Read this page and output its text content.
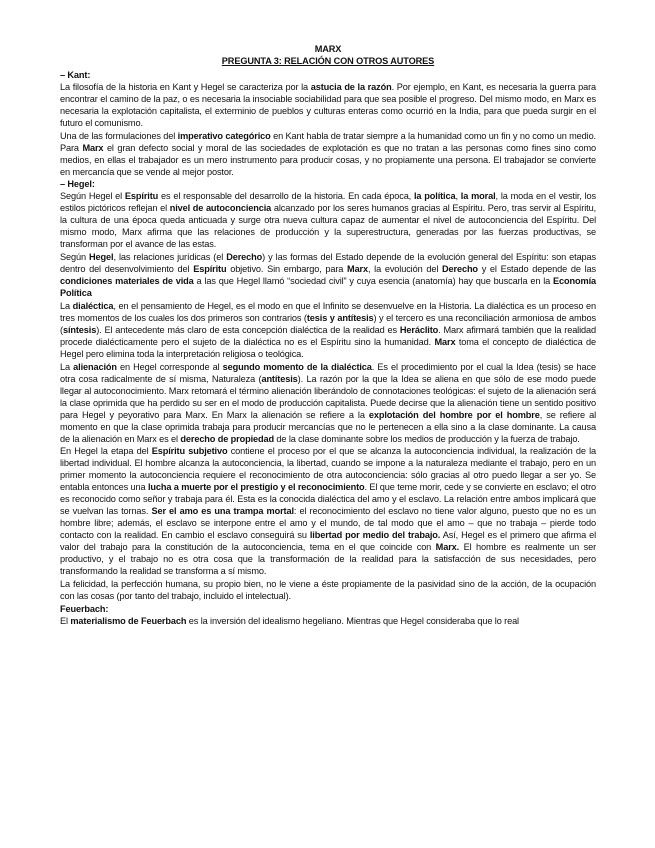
MARX

PREGUNTA 3: RELACIÓN CON OTROS AUTORES

– Kant:

La filosofía de la historia en Kant y Hegel se caracteriza por la astucia de la razón. Por ejemplo, en Kant, es necesaria la guerra para encontrar el camino de la paz, o es necesaria la insociable sociabilidad para que sea posible el progreso. Del mismo modo, en Marx es necesaria la explotación capitalista, el exterminio de pueblos y culturas enteras como ocurrió en la India, para que pueda surgir en el futuro el comunismo.

Una de las formulaciones del imperativo categórico en Kant habla de tratar siempre a la humanidad como un fin y no como un medio. Para Marx el gran defecto social y moral de las sociedades de explotación es que no tratan a las personas como fines sino como medios, en ellas el trabajador es un mero instrumento para producir cosas, y no propiamente una persona. El trabajador se convierte en mercancía que se vende al mejor postor.

– Hegel:

Según Hegel el Espíritu es el responsable del desarrollo de la historia. En cada época, la política, la moral, la moda en el vestir, los estilos pictóricos reflejan el nivel de autoconciencia alcanzado por los seres humanos gracias al Espíritu. Pero, tras servir al Espíritu, la cultura de una época queda anticuada y surge otra nueva cultura capaz de aumentar el nivel de autoconciencia del Espíritu. Del mismo modo, Marx afirma que las relaciones de producción y la superestructura, generadas por las fuerzas productivas, se transforman por el avance de las estas.

Según Hegel, las relaciones jurídicas (el Derecho) y las formas del Estado depende de la evolución general del Espíritu: son etapas dentro del desenvolvimiento del Espíritu objetivo. Sin embargo, para Marx, la evolución del Derecho y el Estado depende de las condiciones materiales de vida a las que Hegel llamó “sociedad civil” y cuya esencia (anatomía) hay que buscarla en la Economía Política

La dialéctica, en el pensamiento de Hegel, es el modo en que el Infinito se desenvuelve en la Historia. La dialéctica es un proceso en tres momentos de los cuales los dos primeros son contrarios (tesis y antítesis) y el tercero es una reconciliación armoniosa de ambos (síntesis). El antecedente más claro de esta concepción dialéctica de la realidad es Heráclito. Marx afirmará también que la realidad procede dialécticamente pero el sujeto de la dialéctica no es el Espíritu sino la humanidad. Marx toma el concepto de dialéctica de Hegel pero elimina toda la interpretación religiosa o teológica.

La alienación en Hegel corresponde al segundo momento de la dialéctica. Es el procedimiento por el cual la Idea (tesis) se hace otra cosa radicalmente de sí misma, Naturaleza (antítesis). La razón por la que la Idea se aliena en que sólo de ese modo puede llegar al autoconocimiento. Marx retomará el término alienación liberándolo de connotaciones teológicas: el sujeto de la alienación será la clase oprimida que ha perdido su ser en el modo de producción capitalista. Puede decirse que la alienación tiene un sentido positivo para Hegel y peyorativo para Marx. En Marx la alienación se refiere a la explotación del hombre por el hombre, se refiere al momento en que la clase oprimida trabaja para producir mercancías que no le pertenecen a ella sino a la clase dominante. La causa de la alienación en Marx es el derecho de propiedad de la clase dominante sobre los medios de producción y la fuerza de trabajo.

En Hegel la etapa del Espíritu subjetivo contiene el proceso por el que se alcanza la autoconciencia individual, la realización de la libertad individual. El hombre alcanza la autoconciencia, la libertad, cuando se impone a la naturaleza mediante el trabajo, pero en un primer momento la autoconciencia requiere el reconocimiento de otra autoconciencia: sólo gracias al otro puedo llegar a ser yo. Se entabla entonces una lucha a muerte por el prestigio y el reconocimiento. El que teme morir, cede y se convierte en esclavo; el otro es reconocido como señor y trabaja para él. Esta es la conocida dialéctica del amo y el esclavo. La relación entre ambos implicará que se vuelvan las tornas. Ser el amo es una trampa mortal: el reconocimiento del esclavo no tiene valor alguno, puesto que no es un hombre libre; además, el esclavo se interpone entre el amo y el mundo, de tal modo que el amo – que no trabaja – pierde todo contacto con la realidad. En cambio el esclavo conseguirá su libertad por medio del trabajo. Así, Hegel es el primero que afirma el valor del trabajo para la constitución de la autoconciencia, tema en el que coincide con Marx. El hombre es realmente un ser productivo, y el trabajo no es otra cosa que la transformación de la realidad para la satisfacción de sus necesidades, pero transformando la realidad se transforma a sí mismo.

La felicidad, la perfección humana, su propio bien, no le viene a éste propiamente de la pasividad sino de la acción, de la ocupación con las cosas (por tanto del trabajo, incluido el intelectual).

Feuerbach:

El materialismo de Feuerbach es la inversión del idealismo hegeliano. Mientras que Hegel consideraba que lo real
